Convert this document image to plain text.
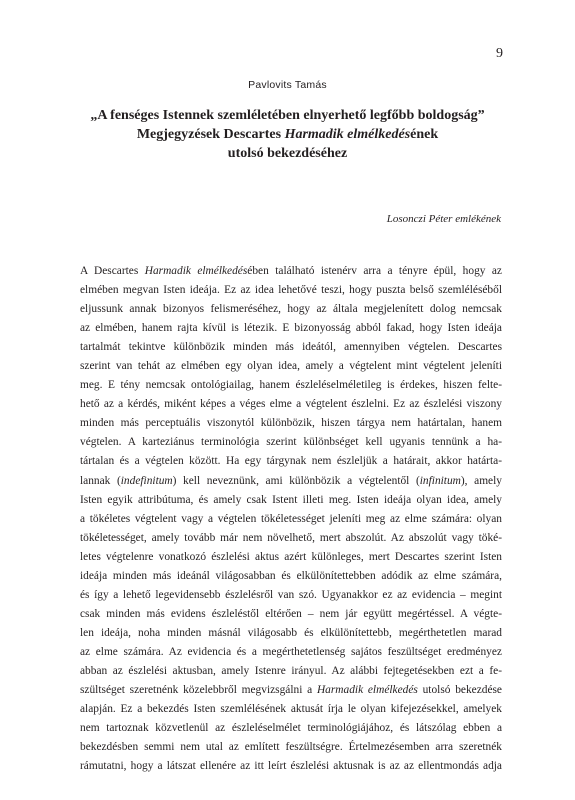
9
Pavlovits Tamás
„A fenséges Istennek szemléletében elnyerhető legfőbb boldogság”
Megjegyzések Descartes Harmadik elmélkedésének
utolsó bekezdéséhez
Losonczi Péter emlékének
A Descartes Harmadik elmélkedésében található istenérv arra a tényre épül, hogy az
elmében megvan Isten ideája. Ez az idea lehetővé teszi, hogy puszta belső szemléléséből
eljussunk annak bizonyos felismeréséhez, hogy az általa megjelenített dolog nemcsak
az elmében, hanem rajta kívül is létezik. E bizonyosság abból fakad, hogy Isten ideája
tartalmát tekintve különbözik minden más ideától, amennyiben végtelen. Descartes
szerint van tehát az elmében egy olyan idea, amely a végtelent mint végtelent jeleníti
meg. E tény nemcsak ontológiailag, hanem észleléselméletileg is érdekes, hiszen felte-
hető az a kérdés, miként képes a véges elme a végtelent észlelni. Ez az észlelési viszony
minden más perceptuális viszonytól különbözik, hiszen tárgya nem határtalan, hanem
végtelen. A karteziánus terminológia szerint különbséget kell ugyanis tennünk a ha-
tártalan és a végtelen között. Ha egy tárgynak nem észleljük a határait, akkor határta-
lannak (indefinitum) kell neveznünk, ami különbözik a végtelentől (infinitum), amely
Isten egyik attribútuma, és amely csak Istent illeti meg. Isten ideája olyan idea, amely
a tökéletes végtelent vagy a végtelen tökéletességet jeleníti meg az elme számára: olyan
tökéletességet, amely tovább már nem növelhető, mert abszolút. Az abszolút vagy töké-
letes végtelenre vonatkozó észlelési aktus azért különleges, mert Descartes szerint Isten
ideája minden más ideánál világosabban és elkülönítettebben adódik az elme számára,
és így a lehető legevidensebb észlelésről van szó. Ugyanakkor ez az evidencia – megint
csak minden más evidens észleléstől eltérően – nem jár együtt megértéssel. A végte-
len ideája, noha minden másnál világosabb és elkülönítettebb, megérthetetlen marad
az elme számára. Az evidencia és a megérthetetlenség sajátos feszültséget eredményez
abban az észlelési aktusban, amely Istenre irányul. Az alábbi fejtegetésekben ezt a fe-
szültséget szeretnénk közelebbről megvizsgálni a Harmadik elmélkedés utolsó bekezdése
alapján. Ez a bekezdés Isten szemlélésének aktusát írja le olyan kifejezésekkel, amelyek
nem tartoznak közvetlenül az észleléselmélet terminológiájához, és látszólag ebben a
bekezdésben semmi nem utal az említett feszültségre. Értelmezésemben arra szeretnék
rámutatni, hogy a látszat ellenére az itt leírt észlelési aktusnak is az az ellentmondás adja
